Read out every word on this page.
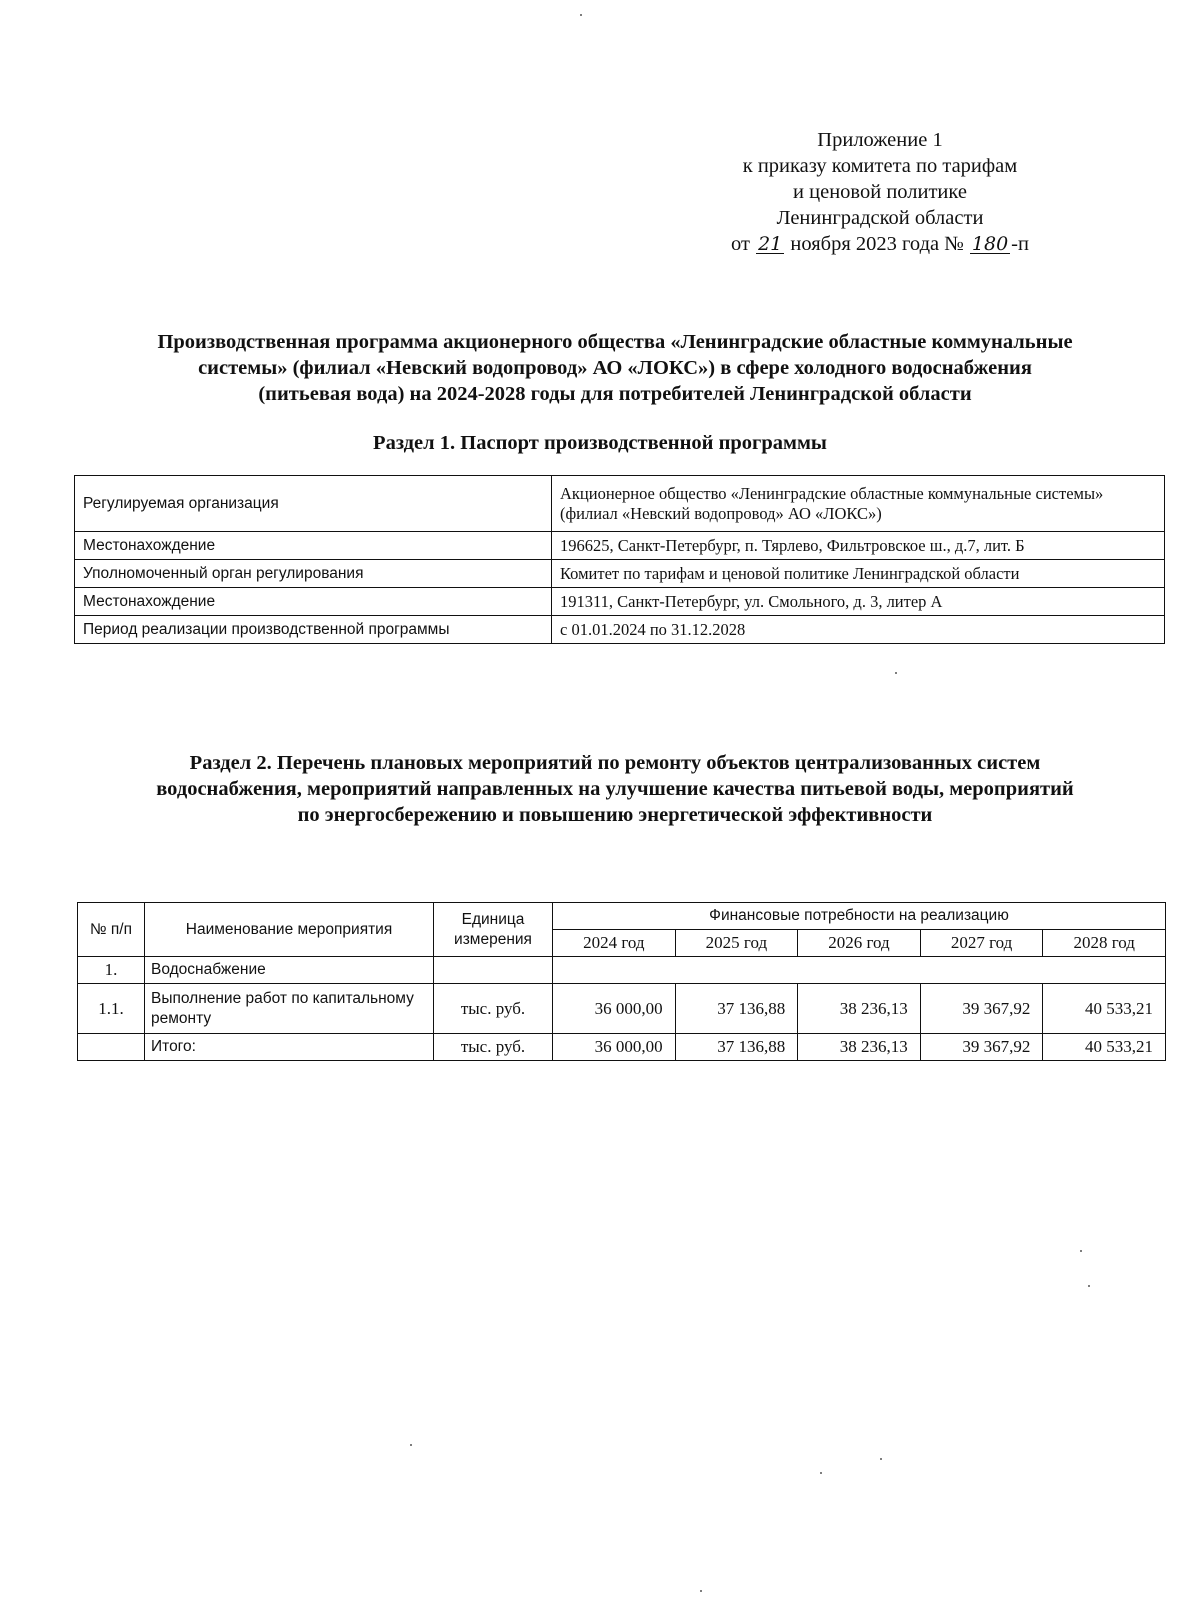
Приложение 1
к приказу комитета по тарифам
и ценовой политике
Ленинградской области
от 21 ноября 2023 года № 180 -п
Производственная программа акционерного общества «Ленинградские областные коммунальные
системы» (филиал «Невский водопровод» АО «ЛОКС») в сфере холодного водоснабжения
(питьевая вода) на 2024-2028 годы для потребителей Ленинградской области
Раздел 1. Паспорт производственной программы
Регулируемая организация	Акционерное общество «Ленинградские областные коммунальные системы» (филиал «Невский водопровод» АО «ЛОКС»)
Местонахождение	196625, Санкт-Петербург, п. Тярлево, Фильтровское ш., д.7, лит. Б
Уполномоченный орган регулирования	Комитет по тарифам и ценовой политике Ленинградской области
Местонахождение	191311, Санкт-Петербург, ул. Смольного, д. 3, литер А
Период реализации производственной программы	с 01.01.2024 по 31.12.2028
Раздел 2. Перечень плановых мероприятий по ремонту объектов централизованных систем
водоснабжения, мероприятий направленных на улучшение качества питьевой воды, мероприятий
по энергосбережению и повышению энергетической эффективности
№ п/п	Наименование мероприятия	Единица измерения	Финансовые потребности на реализацию				
			2024 год	2025 год	2026 год	2027 год	2028 год
1.	Водоснабжение						
1.1.	Выполнение работ по капитальному ремонту	тыс. руб.	36 000,00	37 136,88	38 236,13	39 367,92	40 533,21
	Итого:	тыс. руб.	36 000,00	37 136,88	38 236,13	39 367,92	40 533,21
